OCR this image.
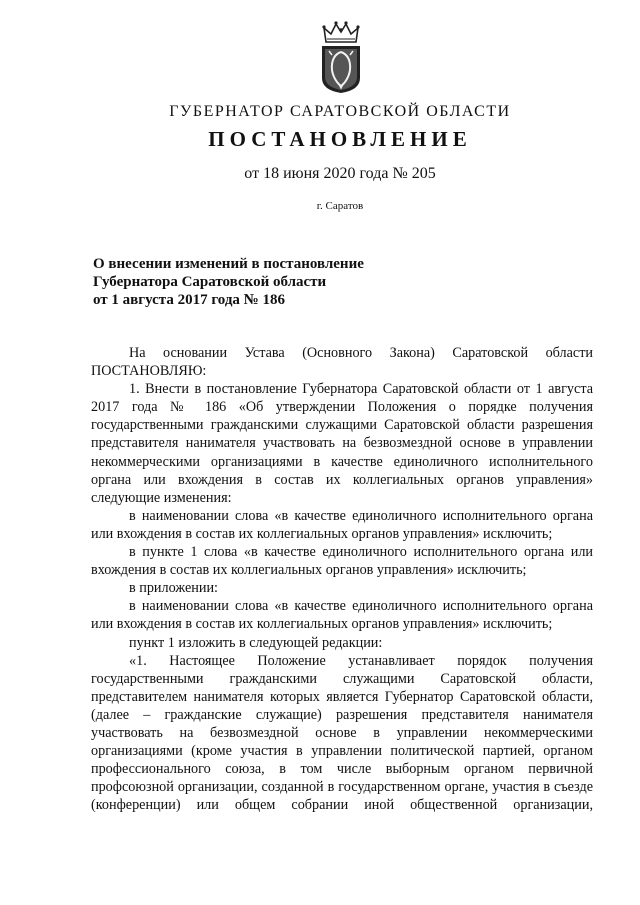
ГУБЕРНАТОР САРАТОВСКОЙ ОБЛАСТИ
ПОСТАНОВЛЕНИЕ
от 18 июня 2020 года № 205
г. Саратов
О внесении изменений в постановление
Губернатора Саратовской области
от 1 августа 2017 года № 186

На основании Устава (Основного Закона) Саратовской области ПОСТАНОВЛЯЮ:

1. Внести в постановление Губернатора Саратовской области от 1 августа 2017 года № 186 «Об утверждении Положения о порядке получения государственными гражданскими служащими Саратовской области разрешения представителя нанимателя участвовать на безвозмездной основе в управлении некоммерческими организациями в качестве единоличного исполнительного органа или вхождения в состав их коллегиальных органов управления» следующие изменения:

в наименовании слова «в качестве единоличного исполнительного органа или вхождения в состав их коллегиальных органов управления» исключить;

в пункте 1 слова «в качестве единоличного исполнительного органа или вхождения в состав их коллегиальных органов управления» исключить;

в приложении:

в наименовании слова «в качестве единоличного исполнительного органа или вхождения в состав их коллегиальных органов управления» исключить;

пункт 1 изложить в следующей редакции:

«1. Настоящее Положение устанавливает порядок получения государственными гражданскими служащими Саратовской области, представителем нанимателя которых является Губернатор Саратовской области, (далее – гражданские служащие) разрешения представителя нанимателя участвовать на безвозмездной основе в управлении некоммерческими организациями (кроме участия в управлении политической партией, органом профессионального союза, в том числе выборным органом первичной профсоюзной организации, созданной в государственном органе, участия в съезде (конференции) или общем собрании иной общественной организации,
